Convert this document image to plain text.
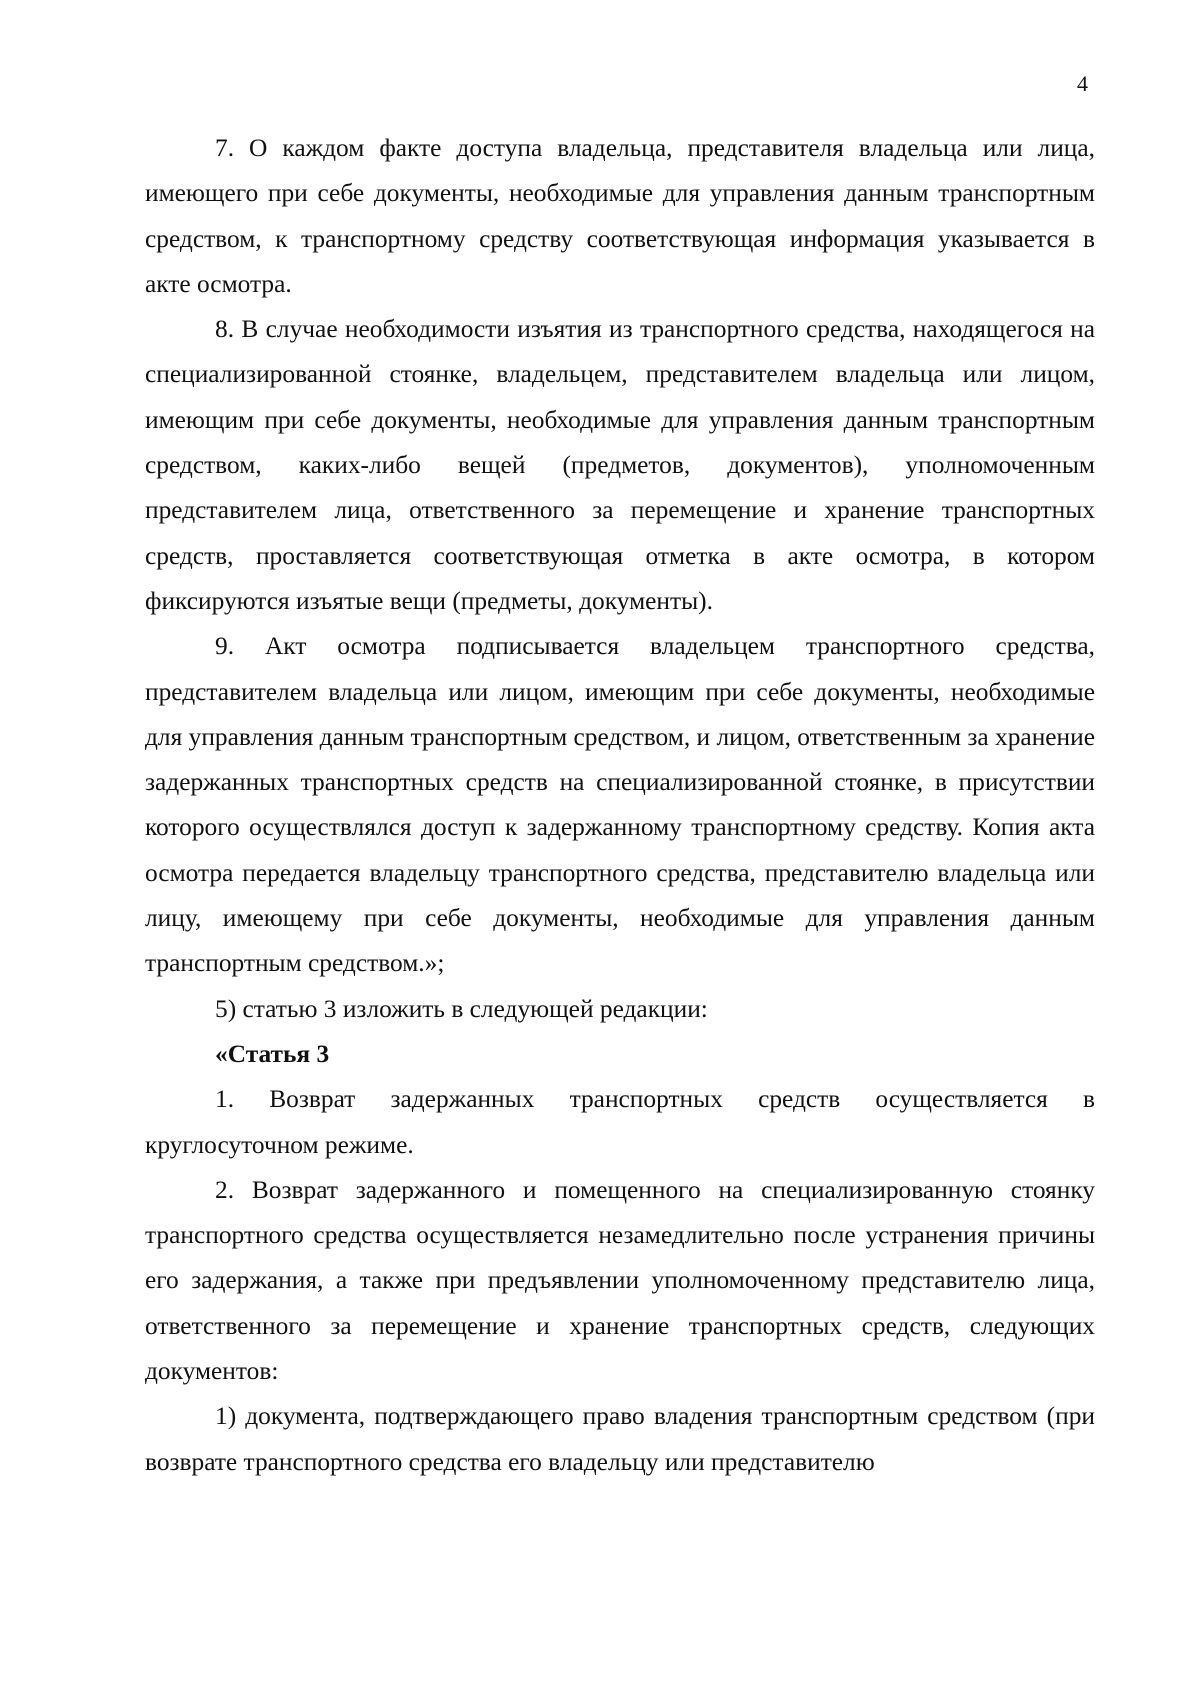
4

7. О каждом факте доступа владельца, представителя владельца или лица, имеющего при себе документы, необходимые для управления данным транспортным средством, к транспортному средству соответствующая информация указывается в акте осмотра.

8. В случае необходимости изъятия из транспортного средства, находящегося на специализированной стоянке, владельцем, представителем владельца или лицом, имеющим при себе документы, необходимые для управления данным транспортным средством, каких-либо вещей (предметов, документов), уполномоченным представителем лица, ответственного за перемещение и хранение транспортных средств, проставляется соответствующая отметка в акте осмотра, в котором фиксируются изъятые вещи (предметы, документы).

9. Акт осмотра подписывается владельцем транспортного средства, представителем владельца или лицом, имеющим при себе документы, необходимые для управления данным транспортным средством, и лицом, ответственным за хранение задержанных транспортных средств на специализированной стоянке, в присутствии которого осуществлялся доступ к задержанному транспортному средству. Копия акта осмотра передается владельцу транспортного средства, представителю владельца или лицу, имеющему при себе документы, необходимые для управления данным транспортным средством.»;

5) статью 3 изложить в следующей редакции:

«Статья 3

1. Возврат задержанных транспортных средств осуществляется в круглосуточном режиме.

2. Возврат задержанного и помещенного на специализированную стоянку транспортного средства осуществляется незамедлительно после устранения причины его задержания, а также при предъявлении уполномоченному представителю лица, ответственного за перемещение и хранение транспортных средств, следующих документов:

1) документа, подтверждающего право владения транспортным средством (при возврате транспортного средства его владельцу или представителю
